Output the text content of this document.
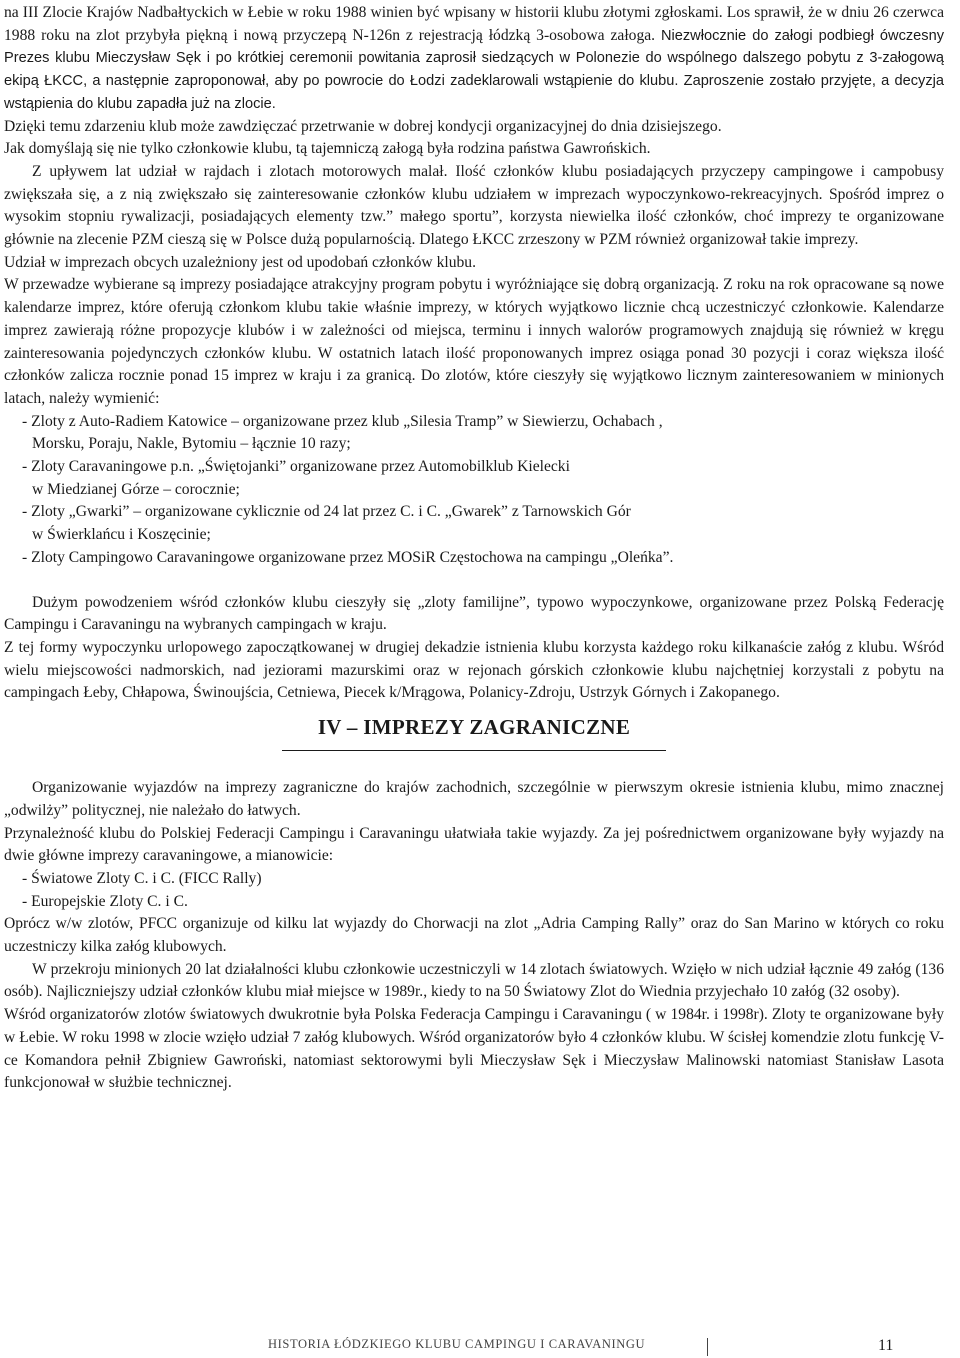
na III Zlocie Krajów Nadbałtyckich w Łebie w roku 1988 winien być wpisany w historii klubu złotymi zgłoskami. Los sprawił, że w dniu 26 czerwca 1988 roku na zlot przybyła piękną i nową przyczepą N-126n z rejestracją łódzką 3-osobowa załoga. Niezwłocznie do załogi podbiegł ówczesny Prezes klubu Mieczysław Sęk i po krótkiej ceremonii powitania zaprosił siedzących w Polonezie do wspólnego dalszego pobytu z 3-załogową ekipą ŁKCC, a następnie zaproponował, aby po powrocie do Łodzi zadeklarowali wstąpienie do klubu. Zaproszenie zostało przyjęte, a decyzja wstąpienia do klubu zapadła już na zlocie.

Dzięki temu zdarzeniu klub może zawdzięczać przetrwanie w dobrej kondycji organizacyjnej do dnia dzisiejszego.

Jak domyślają się nie tylko członkowie klubu, tą tajemniczą załogą była rodzina państwa Gawrońskich.

Z upływem lat udział w rajdach i zlotach motorowych malał. Ilość członków klubu posiadających przyczepy campingowe i campobusy zwiększała się, a z nią zwiększało się zainteresowanie członków klubu udziałem w imprezach wypoczynkowo-rekreacyjnych. Spośród imprez o wysokim stopniu rywalizacji, posiadających elementy tzw.” małego sportu”, korzysta niewielka ilość członków, choć imprezy te organizowane głównie na zlecenie PZM cieszą się w Polsce dużą popularnością. Dlatego ŁKCC zrzeszony w PZM również organizował takie imprezy.

Udział w imprezach obcych uzależniony jest od upodobań członków klubu.

W przewadze wybierane są imprezy posiadające atrakcyjny program pobytu i wyróżniające się dobrą organizacją. Z roku na rok opracowane są nowe kalendarze imprez, które oferują członkom klubu takie właśnie imprezy, w których wyjątkowo licznie chcą uczestniczyć członkowie. Kalendarze imprez zawierają różne propozycje klubów i w zależności od miejsca, terminu i innych walorów programowych znajdują się również w kręgu zainteresowania pojedynczych członków klubu. W ostatnich latach ilość proponowanych imprez osiąga ponad 30 pozycji i coraz większa ilość członków zalicza rocznie ponad 15 imprez w kraju i za granicą. Do zlotów, które cieszyły się wyjątkowo licznym zainteresowaniem w minionych latach, należy wymienić:

- Zloty z Auto-Radiem Katowice – organizowane przez klub „Silesia Tramp” w Siewierzu, Ochabach ,
Morsku, Poraju, Nakle, Bytomiu – łącznie 10 razy;
- Zloty Caravaningowe p.n. „Świętojanki” organizowane przez Automobilklub Kielecki
w Miedzianej Górze – corocznie;
- Zloty „Gwarki” – organizowane cyklicznie od 24 lat przez C. i C. „Gwarek” z Tarnowskich Gór
w Świerklańcu i Koszęcinie;
- Zloty Campingowo Caravaningowe organizowane przez MOSiR Częstochowa na campingu „Oleńka”.

Dużym powodzeniem wśród członków klubu cieszyły się „zloty familijne”, typowo wypoczynkowe, organizowane przez Polską Federację Campingu i Caravaningu na wybranych campingach w kraju.

Z tej formy wypoczynku urlopowego zapoczątkowanej w drugiej dekadzie istnienia klubu korzysta każdego roku kilkanaście załóg z klubu. Wśród wielu miejscowości nadmorskich, nad jeziorami mazurskimi oraz w rejonach górskich członkowie klubu najchętniej korzystali z pobytu na campingach Łeby, Chłapowa, Świnoujścia, Cetniewa, Piecek k/Mrągowa, Polanicy-Zdroju, Ustrzyk Górnych i Zakopanego.

IV – IMPREZY ZAGRANICZNE

Organizowanie wyjazdów na imprezy zagraniczne do krajów zachodnich, szczególnie w pierwszym okresie istnienia klubu, mimo znacznej „odwilży” politycznej, nie należało do łatwych.

Przynależność klubu do Polskiej Federacji Campingu i Caravaningu ułatwiała takie wyjazdy. Za jej pośrednictwem organizowane były wyjazdy na dwie główne imprezy caravaningowe, a mianowicie:

- Światowe Zloty C. i C. (FICC Rally)
- Europejskie Zloty C. i C.

Oprócz w/w zlotów, PFCC organizuje od kilku lat wyjazdy do Chorwacji na zlot „Adria Camping Rally” oraz do San Marino w których co roku uczestniczy kilka załóg klubowych.

W przekroju minionych 20 lat działalności klubu członkowie uczestniczyli w 14 zlotach światowych. Wzięło w nich udział łącznie 49 załóg (136 osób). Najliczniejszy udział członków klubu miał miejsce w 1989r., kiedy to na 50 Światowy Zlot do Wiednia przyjechało 10 załóg (32 osoby).

Wśród organizatorów zlotów światowych dwukrotnie była Polska Federacja Campingu i Caravaningu ( w 1984r. i 1998r). Zloty te organizowane były w Łebie. W roku 1998 w zlocie wzięło udział 7 załóg klubowych. Wśród organizatorów było 4 członków klubu. W ścisłej komendzie zlotu funkcję V-ce Komandora pełnił Zbigniew Gawroński, natomiast sektorowymi byli Mieczysław Sęk i Mieczysław Malinowski natomiast Stanisław Lasota funkcjonował w służbie technicznej.

HISTORIA ŁÓDZKIEGO KLUBU CAMPINGU I CARAVANINGU	11
